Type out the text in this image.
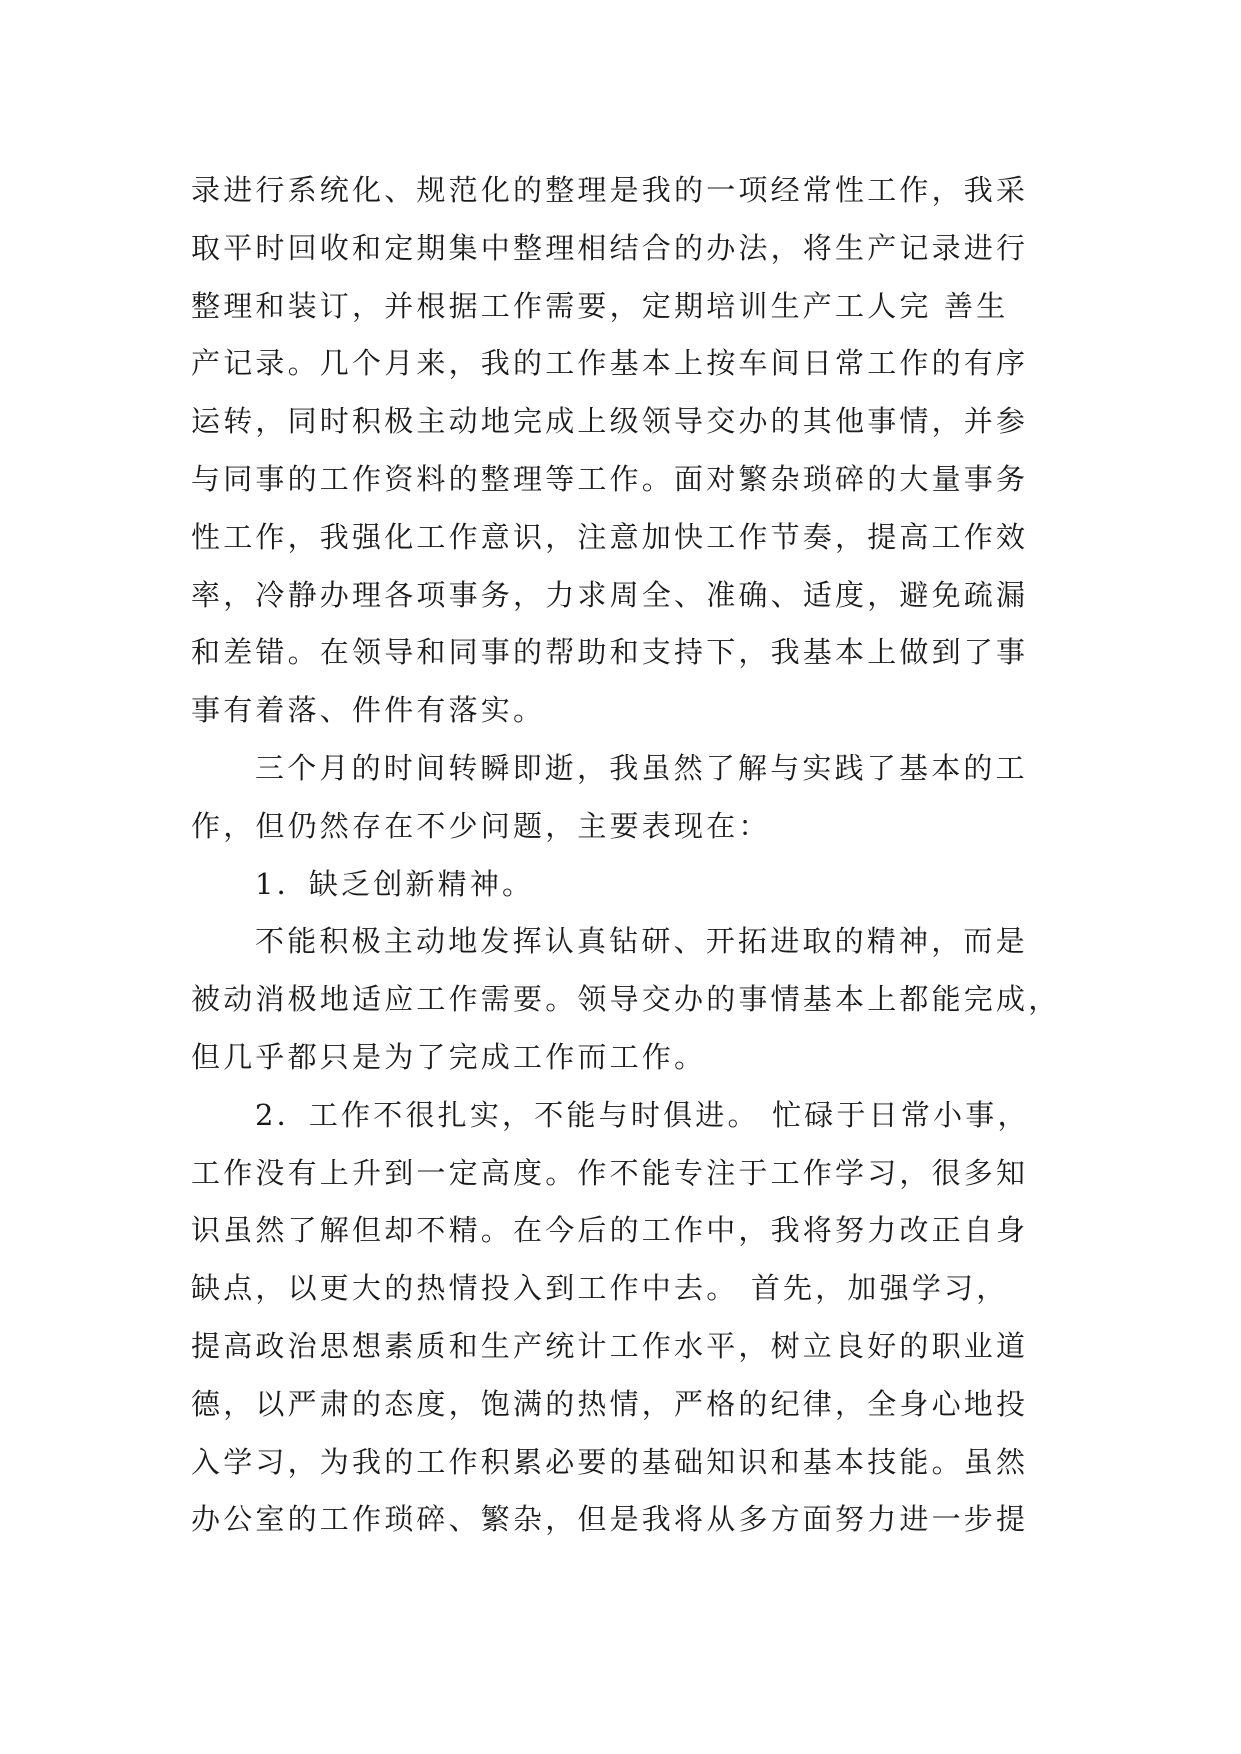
录进行系统化、规范化的整理是我的一项经常性工作，我采
取平时回收和定期集中整理相结合的办法，将生产记录进行
整理和装订，并根据工作需要，定期培训生产工人完 善生
产记录。几个月来，我的工作基本上按车间日常工作的有序
运转，同时积极主动地完成上级领导交办的其他事情，并参
与同事的工作资料的整理等工作。面对繁杂琐碎的大量事务
性工作，我强化工作意识，注意加快工作节奏，提高工作效
率，冷静办理各项事务，力求周全、准确、适度，避免疏漏
和差错。在领导和同事的帮助和支持下，我基本上做到了事
事有着落、件件有落实。
三个月的时间转瞬即逝，我虽然了解与实践了基本的工
作，但仍然存在不少问题，主要表现在：
1．缺乏创新精神。
不能积极主动地发挥认真钻研、开拓进取的精神，而是
被动消极地适应工作需要。领导交办的事情基本上都能完成，
但几乎都只是为了完成工作而工作。
2．工作不很扎实，不能与时俱进。 忙碌于日常小事，
工作没有上升到一定高度。作不能专注于工作学习，很多知
识虽然了解但却不精。在今后的工作中，我将努力改正自身
缺点，以更大的热情投入到工作中去。 首先，加强学习，
提高政治思想素质和生产统计工作水平，树立良好的职业道
德，以严肃的态度，饱满的热情，严格的纪律，全身心地投
入学习，为我的工作积累必要的基础知识和基本技能。虽然
办公室的工作琐碎、繁杂，但是我将从多方面努力进一步提
